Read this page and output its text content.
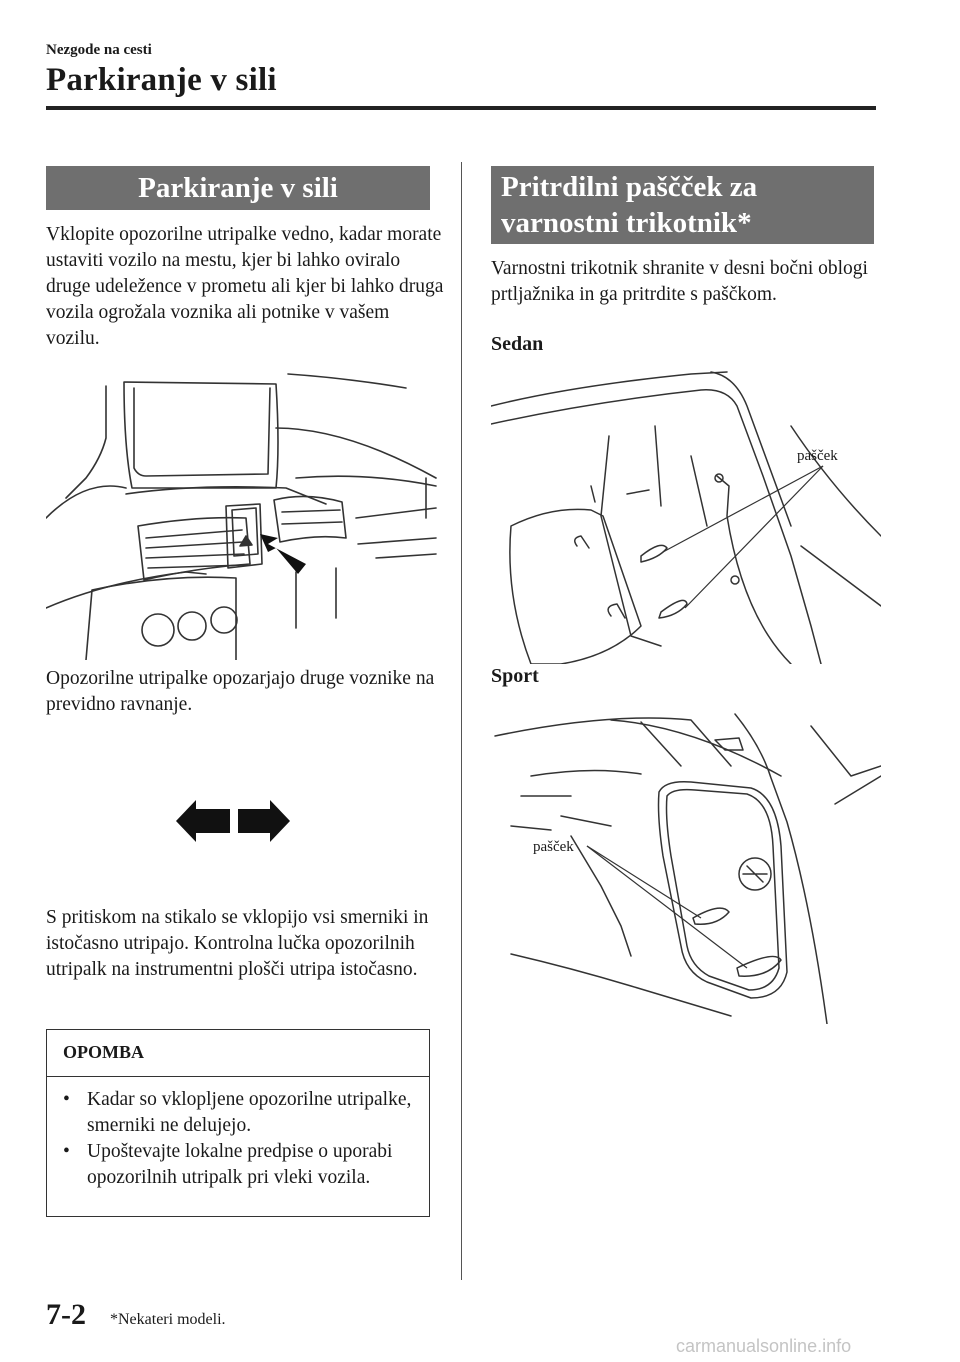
Nezgode na cesti
Parkiranje v sili
Parkiranje v sili
Vklopite opozorilne utripalke vedno, kadar morate ustaviti vozilo na mestu, kjer bi lahko oviralo druge udeležence v prometu ali kjer bi lahko druga vozila ogrožala voznika ali potnike v vašem vozilu.
Opozorilne utripalke opozarjajo druge voznike na previdno ravnanje.
S pritiskom na stikalo se vklopijo vsi smerniki in istočasno utripajo. Kontrolna lučka opozorilnih utripalk na instrumentni plošči utripa istočasno.
OPOMBA
• Kadar so vklopljene opozorilne utripalke, smerniki ne delujejo.
• Upoštevajte lokalne predpise o uporabi opozorilnih utripalk pri vleki vozila.
Pritrdilni paščček za varnostni trikotnik*
Varnostni trikotnik shranite v desni bočni oblogi prtljažnika in ga pritrdite s paščkom.
Sedan
pašček
Sport
pašček
7-2 *Nekateri modeli.
carmanualsonline.info
